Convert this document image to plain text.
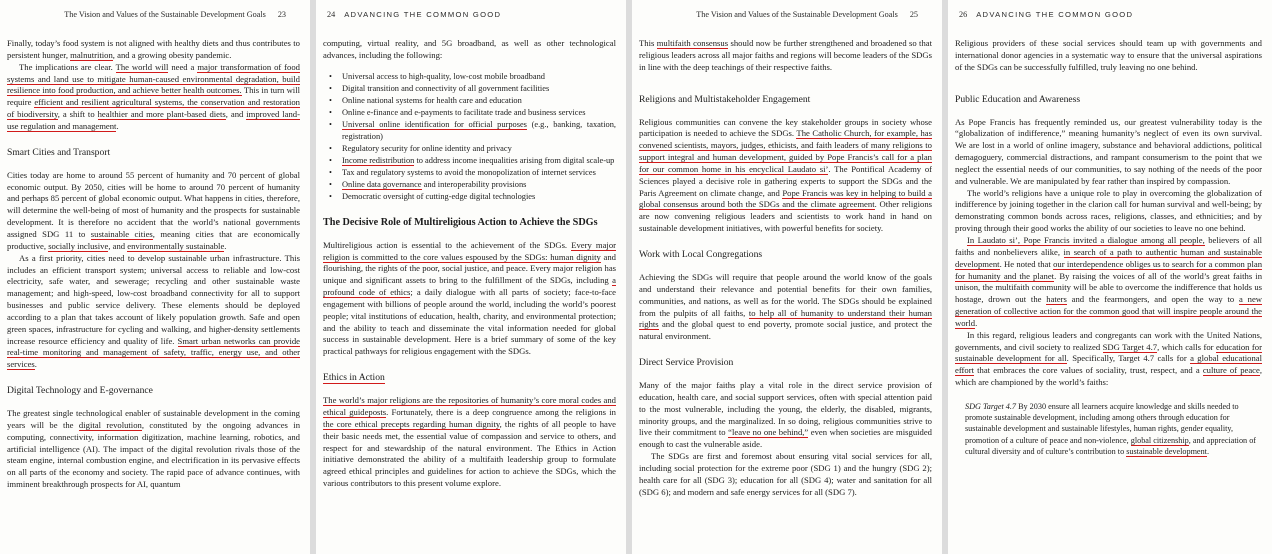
The Vision and Values of the Sustainable Development Goals 23

Finally, today’s food system is not aligned with healthy diets and thus contributes to persistent hunger, malnutrition, and a growing obesity pandemic.

The implications are clear. The world will need a major transformation of food systems and land use to mitigate human-caused environmental degradation, build resilience into food production, and achieve better health outcomes. This in turn will require efficient and resilient agricultural systems, the conservation and restoration of biodiversity, a shift to healthier and more plant-based diets, and improved land-use regulation and management.

Smart Cities and Transport

Cities today are home to around 55 percent of humanity and 70 percent of global economic output. By 2050, cities will be home to around 70 percent of humanity and perhaps 85 percent of global economic output. What happens in cities, therefore, will determine the well-being of most of humanity and the prospects for sustainable development. It is therefore no accident that the world’s national governments assigned SDG 11 to sustainable cities, meaning cities that are economically productive, socially inclusive, and environmentally sustainable.

As a first priority, cities need to develop sustainable urban infrastructure. This includes an efficient transport system; universal access to reliable and low-cost electricity, safe water, and sewerage; recycling and other sustainable waste management; and high-speed, low-cost broadband connectivity for all to support businesses and public service delivery. These elements should be deployed according to a plan that takes account of likely population growth. Safe and open green spaces, infrastructure for cycling and walking, and higher-density settlements increase resource efficiency and quality of life. Smart urban networks can provide real-time monitoring and management of safety, traffic, energy use, and other services.

Digital Technology and E-governance

The greatest single technological enabler of sustainable development in the coming years will be the digital revolution, constituted by the ongoing advances in computing, connectivity, information digitization, machine learning, robotics, and artificial intelligence (AI). The impact of the digital revolution rivals those of the steam engine, internal combustion engine, and electrification in its pervasive effects on all parts of the economy and society. The rapid pace of advance continues, with imminent breakthrough prospects for AI, quantum

24 ADVANCING THE COMMON GOOD

computing, virtual reality, and 5G broadband, as well as other technological advances, including the following:

• Universal access to high-quality, low-cost mobile broadband
• Digital transition and connectivity of all government facilities
• Online national systems for health care and education
• Online e-finance and e-payments to facilitate trade and business services
• Universal online identification for official purposes (e.g., banking, taxation, registration)
• Regulatory security for online identity and privacy
• Income redistribution to address income inequalities arising from digital scale-up
• Tax and regulatory systems to avoid the monopolization of internet services
• Online data governance and interoperability provisions
• Democratic oversight of cutting-edge digital technologies
The Decisive Role of Multireligious Action to Achieve the SDGs

Multireligious action is essential to the achievement of the SDGs. Every major religion is committed to the core values espoused by the SDGs: human dignity and flourishing, the rights of the poor, social justice, and peace. Every major religion has unique and significant assets to bring to the fulfillment of the SDGs, including a profound code of ethics; a daily dialogue with all parts of society; face-to-face engagement with billions of people around the world, including the world’s poorest people; vital institutions of education, health, charity, and environmental protection; and the ability to teach and disseminate the vital information needed for global success in sustainable development. Here is a brief summary of some of the key practical pathways for religious engagement with the SDGs.

Ethics in Action

The world’s major religions are the repositories of humanity’s core moral codes and ethical guideposts. Fortunately, there is a deep congruence among the religions in the core ethical precepts regarding human dignity, the rights of all people to have their basic needs met, the essential value of compassion and service to others, and respect for and stewardship of the natural environment. The Ethics in Action initiative demonstrated the ability of a multifaith leadership group to formulate agreed ethical principles and guidelines for action to achieve the SDGs, which the various contributors to this present volume explore.

The Vision and Values of the Sustainable Development Goals 25

This multifaith consensus should now be further strengthened and broadened so that religious leaders across all major faiths and regions will become leaders of the SDGs in line with the deep teachings of their respective faiths.

Religions and Multistakeholder Engagement

Religious communities can convene the key stakeholder groups in society whose participation is needed to achieve the SDGs. The Catholic Church, for example, has convened scientists, mayors, judges, ethicists, and faith leaders of many religions to support integral and human development, guided by Pope Francis’s call for a plan for our common home in his encyclical Laudato si’. The Pontifical Academy of Sciences played a decisive role in gathering experts to support the SDGs and the Paris Agreement on climate change, and Pope Francis was key in helping to build a global consensus around both the SDGs and the climate agreement. Other religions are now convening religious leaders and scientists to work hand in hand on sustainable development initiatives, with powerful benefits for society.

Work with Local Congregations

Achieving the SDGs will require that people around the world know of the goals and understand their relevance and potential benefits for their own families, communities, and nations, as well as for the world. The SDGs should be explained from the pulpits of all faiths, to help all of humanity to understand their human rights and the global quest to end poverty, promote social justice, and protect the natural environment.

Direct Service Provision

Many of the major faiths play a vital role in the direct service provision of education, health care, and social support services, often with special attention paid to the most vulnerable, including the young, the elderly, the disabled, migrants, minority groups, and the marginalized. In so doing, religious communities strive to live their commitment to “leave no one behind,” even when societies are misguided enough to cast the vulnerable aside.

The SDGs are first and foremost about ensuring vital social services for all, including social protection for the extreme poor (SDG 1) and the hungry (SDG 2); health care for all (SDG 3); education for all (SDG 4); water and sanitation for all (SDG 6); and modern and safe energy services for all (SDG 7).

26 ADVANCING THE COMMON GOOD

Religious providers of these social services should team up with governments and international donor agencies in a systematic way to ensure that the universal aspirations of the SDGs can be successfully fulfilled, truly leaving no one behind.

Public Education and Awareness

As Pope Francis has frequently reminded us, our greatest vulnerability today is the “globalization of indifference,” meaning humanity’s neglect of even its own survival. We are lost in a world of online imagery, substance and behavioral addictions, political demagoguery, commercial distractions, and rampant consumerism to the point that we neglect the essential needs of our communities, to say nothing of the needs of the poor and vulnerable. We are manipulated by fear rather than inspired by compassion.

The world’s religions have a unique role to play in overcoming the globalization of indifference by joining together in the clarion call for human survival and well-being; by demonstrating common bonds across races, religions, classes, and ethnicities; and by proving through their good works the ability of our societies to leave no one behind.

In Laudato si’, Pope Francis invited a dialogue among all people, believers of all faiths and nonbelievers alike, in search of a path to authentic human and sustainable development. He noted that our interdependence obliges us to search for a common plan for humanity and the planet. By raising the voices of all of the world’s great faiths in unison, the multifaith community will be able to overcome the indifference that holds us hostage, drown out the haters and the fearmongers, and open the way to a new generation of collective action for the common good that will inspire people around the world.

In this regard, religious leaders and congregants can work with the United Nations, governments, and civil society to realized SDG Target 4.7, which calls for education for sustainable development for all. Specifically, Target 4.7 calls for a global educational effort that embraces the core values of sociality, trust, respect, and a culture of peace, which are championed by the world’s faiths:

SDG Target 4.7 By 2030 ensure all learners acquire knowledge and skills needed to promote sustainable development, including among others through education for sustainable development and sustainable lifestyles, human rights, gender equality, promotion of a culture of peace and non-violence, global citizenship, and appreciation of cultural diversity and of culture’s contribution to sustainable development.
